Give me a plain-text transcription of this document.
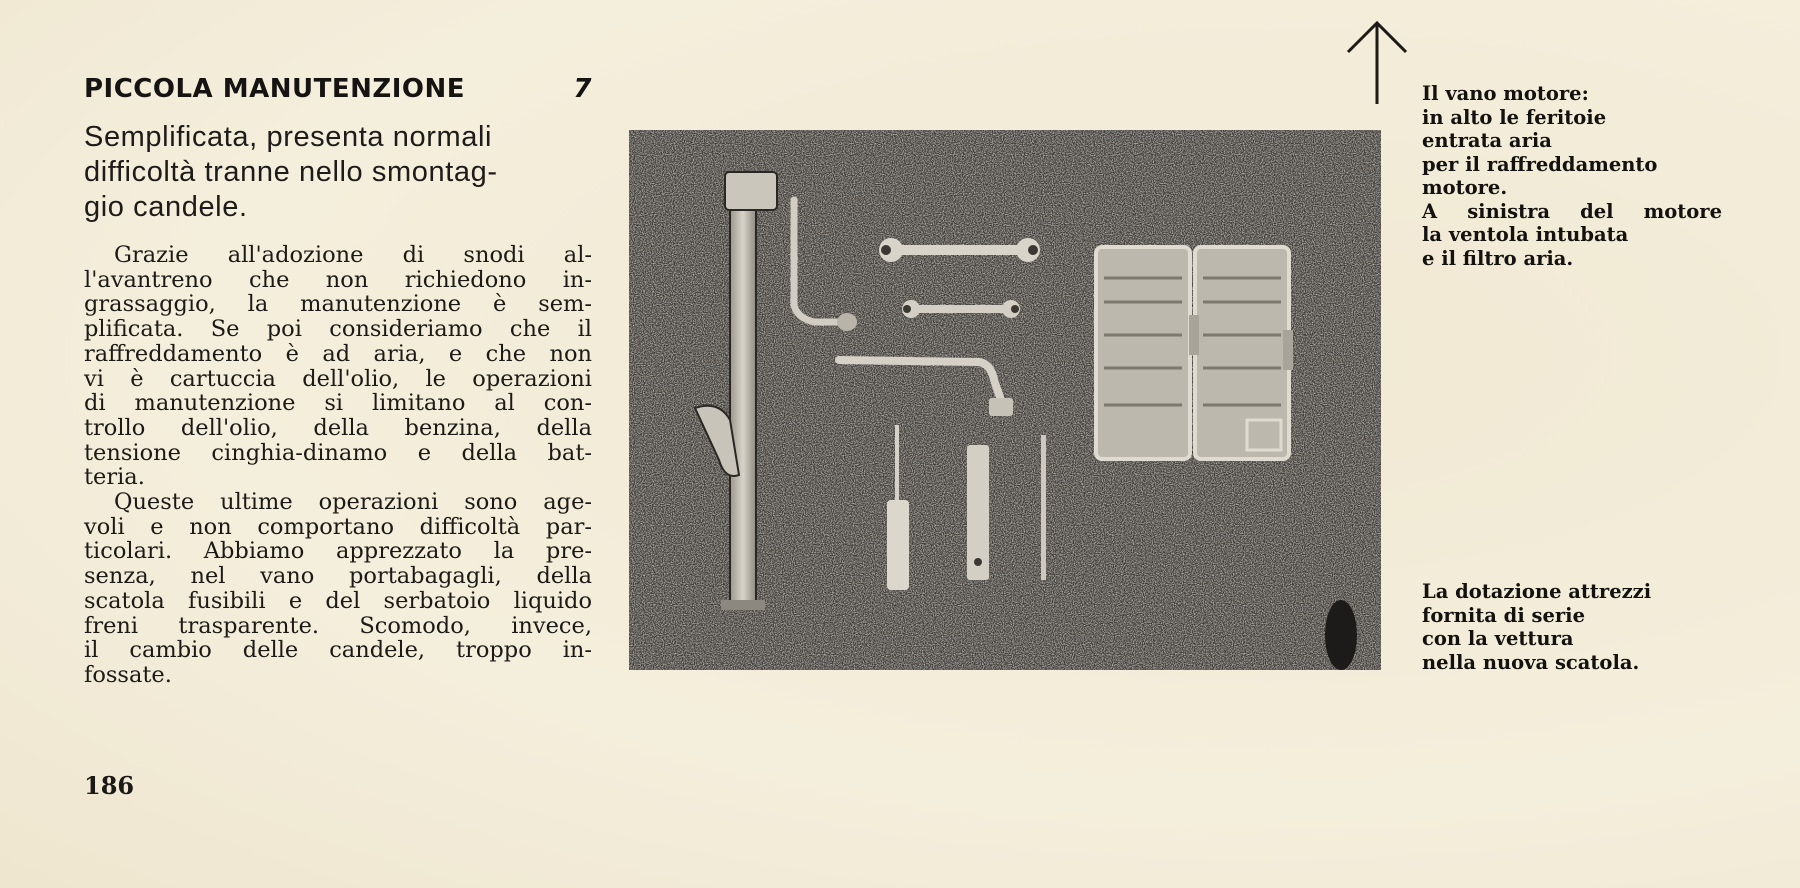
PICCOLA MANUTENZIONE	7
Semplificata, presenta normali
difficoltà tranne nello smontag-
gio candele.

Grazie all'adozione di snodi al-
l'avantreno che non richiedono in-
grassaggio, la manutenzione è sem-
plificata. Se poi consideriamo che il
raffreddamento è ad aria, e che non
vi è cartuccia dell'olio, le operazioni
di manutenzione si limitano al con-
trollo dell'olio, della benzina, della
tensione cinghia-dinamo e della bat-
teria.

Queste ultime operazioni sono age-
voli e non comportano difficoltà par-
ticolari. Abbiamo apprezzato la pre-
senza, nel vano portabagagli, della
scatola fusibili e del serbatoio liquido
freni trasparente. Scomodo, invece,
il cambio delle candele, troppo in-
fossate.

186
Il vano motore:
in alto le feritoie
entrata aria
per il raffreddamento
motore.
A sinistra del motore
la ventola intubata
e il filtro aria.
La dotazione attrezzi
fornita di serie
con la vettura
nella nuova scatola.
